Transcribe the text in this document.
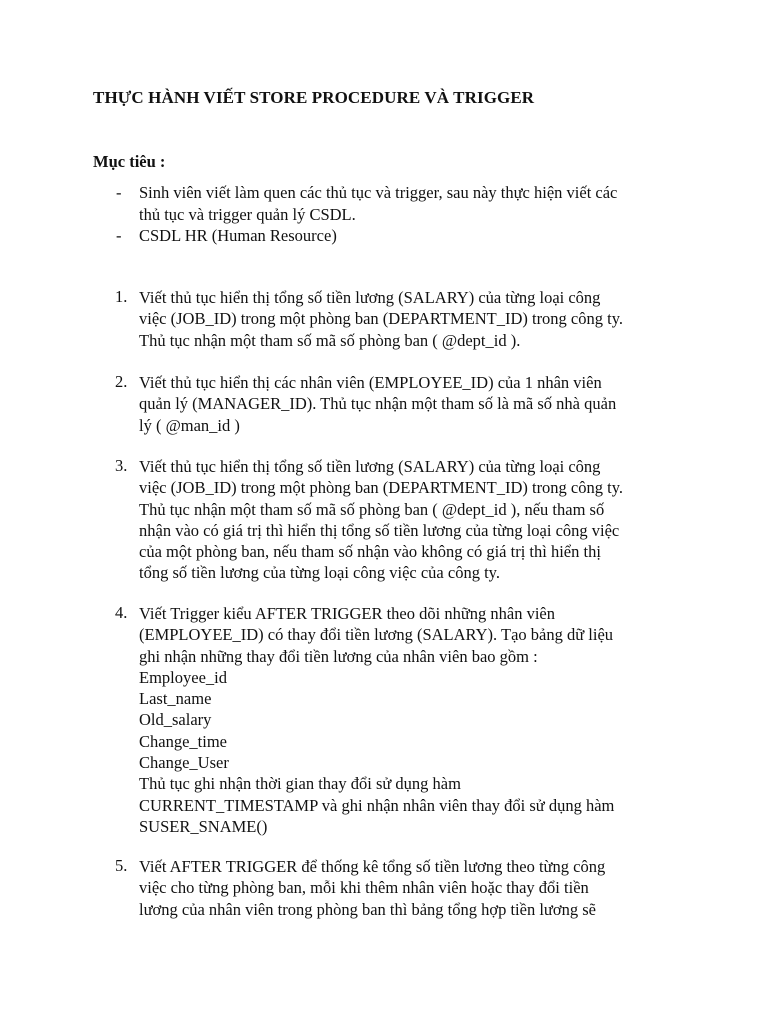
THỰC HÀNH VIẾT STORE PROCEDURE VÀ TRIGGER

Mục tiêu :

- Sinh viên viết làm quen các thủ tục và trigger, sau này thực hiện viết các
thủ tục và trigger quản lý CSDL.
- CSDL HR (Human Resource)
1. Viết thủ tục hiển thị tổng số tiền lương (SALARY) của từng loại công
việc (JOB_ID) trong một phòng ban (DEPARTMENT_ID) trong công ty.
Thủ tục nhận một tham số mã số phòng ban ( @dept_id ).
2. Viết thủ tục hiển thị các nhân viên (EMPLOYEE_ID) của 1 nhân viên
quản lý (MANAGER_ID). Thủ tục nhận một tham số là mã số nhà quản
lý ( @man_id )
3. Viết thủ tục hiển thị tổng số tiền lương (SALARY) của từng loại công
việc (JOB_ID) trong một phòng ban (DEPARTMENT_ID) trong công ty.
Thủ tục nhận một tham số mã số phòng ban ( @dept_id ), nếu tham số
nhận vào có giá trị thì hiển thị tổng số tiền lương của từng loại công việc
của một phòng ban, nếu tham số nhận vào không có giá trị thì hiển thị
tổng số tiền lương của từng loại công việc của công ty.
4. Viết Trigger kiểu AFTER TRIGGER theo dõi những nhân viên
(EMPLOYEE_ID) có thay đổi tiền lương (SALARY). Tạo bảng dữ liệu
ghi nhận những thay đổi tiền lương của nhân viên bao gồm :
Employee_id
Last_name
Old_salary
Change_time
Change_User
Thủ tục ghi nhận thời gian thay đổi sử dụng hàm
CURRENT_TIMESTAMP và ghi nhận nhân viên thay đổi sử dụng hàm
SUSER_SNAME()
5. Viết AFTER TRIGGER để thống kê tổng số tiền lương theo từng công
việc cho từng phòng ban, mỗi khi thêm nhân viên hoặc thay đổi tiền
lương của nhân viên trong phòng ban thì bảng tổng hợp tiền lương sẽ
